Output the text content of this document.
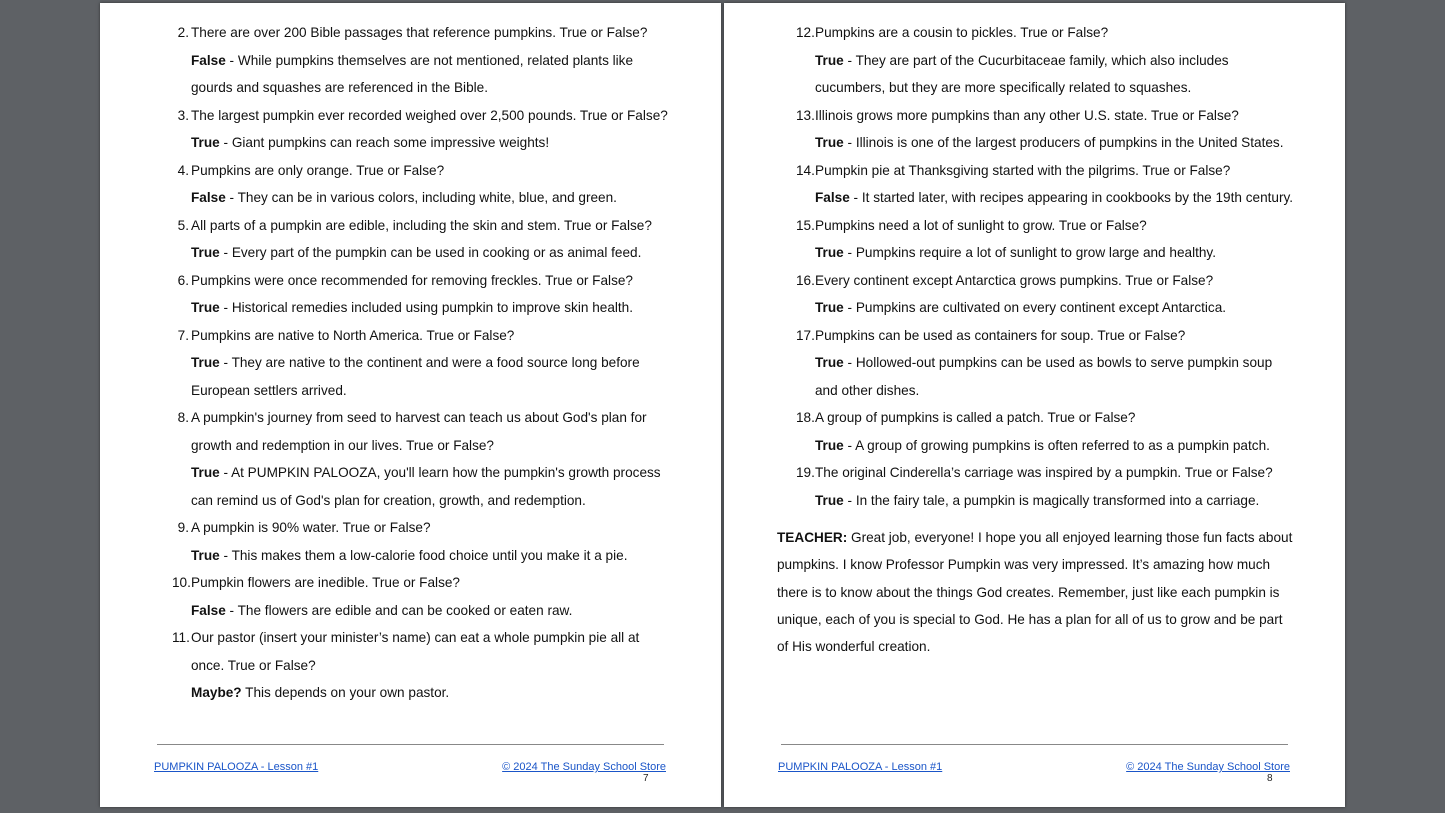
2. There are over 200 Bible passages that reference pumpkins. True or False?
False - While pumpkins themselves are not mentioned, related plants like gourds and squashes are referenced in the Bible.
3. The largest pumpkin ever recorded weighed over 2,500 pounds. True or False?
True - Giant pumpkins can reach some impressive weights!
4. Pumpkins are only orange. True or False?
False - They can be in various colors, including white, blue, and green.
5. All parts of a pumpkin are edible, including the skin and stem. True or False?
True - Every part of the pumpkin can be used in cooking or as animal feed.
6. Pumpkins were once recommended for removing freckles. True or False?
True - Historical remedies included using pumpkin to improve skin health.
7. Pumpkins are native to North America. True or False?
True - They are native to the continent and were a food source long before European settlers arrived.
8. A pumpkin's journey from seed to harvest can teach us about God's plan for growth and redemption in our lives. True or False?
True - At PUMPKIN PALOOZA, you'll learn how the pumpkin's growth process can remind us of God's plan for creation, growth, and redemption.
9. A pumpkin is 90% water. True or False?
True - This makes them a low-calorie food choice until you make it a pie.
10. Pumpkin flowers are inedible. True or False?
False - The flowers are edible and can be cooked or eaten raw.
11. Our pastor (insert your minister’s name) can eat a whole pumpkin pie all at once. True or False?
Maybe? This depends on your own pastor.
PUMPKIN PALOOZA - Lesson #1	© 2024 The Sunday School Store
7
12. Pumpkins are a cousin to pickles. True or False?
True - They are part of the Cucurbitaceae family, which also includes cucumbers, but they are more specifically related to squashes.
13. Illinois grows more pumpkins than any other U.S. state. True or False?
True - Illinois is one of the largest producers of pumpkins in the United States.
14. Pumpkin pie at Thanksgiving started with the pilgrims. True or False?
False - It started later, with recipes appearing in cookbooks by the 19th century.
15. Pumpkins need a lot of sunlight to grow. True or False?
True - Pumpkins require a lot of sunlight to grow large and healthy.
16. Every continent except Antarctica grows pumpkins. True or False?
True - Pumpkins are cultivated on every continent except Antarctica.
17. Pumpkins can be used as containers for soup. True or False?
True - Hollowed-out pumpkins can be used as bowls to serve pumpkin soup and other dishes.
18. A group of pumpkins is called a patch. True or False?
True - A group of growing pumpkins is often referred to as a pumpkin patch.
19. The original Cinderella’s carriage was inspired by a pumpkin. True or False?
True - In the fairy tale, a pumpkin is magically transformed into a carriage.

TEACHER: Great job, everyone! I hope you all enjoyed learning those fun facts about pumpkins. I know Professor Pumpkin was very impressed. It’s amazing how much there is to know about the things God creates. Remember, just like each pumpkin is unique, each of you is special to God. He has a plan for all of us to grow and be part of His wonderful creation.

PUMPKIN PALOOZA - Lesson #1	© 2024 The Sunday School Store
8
